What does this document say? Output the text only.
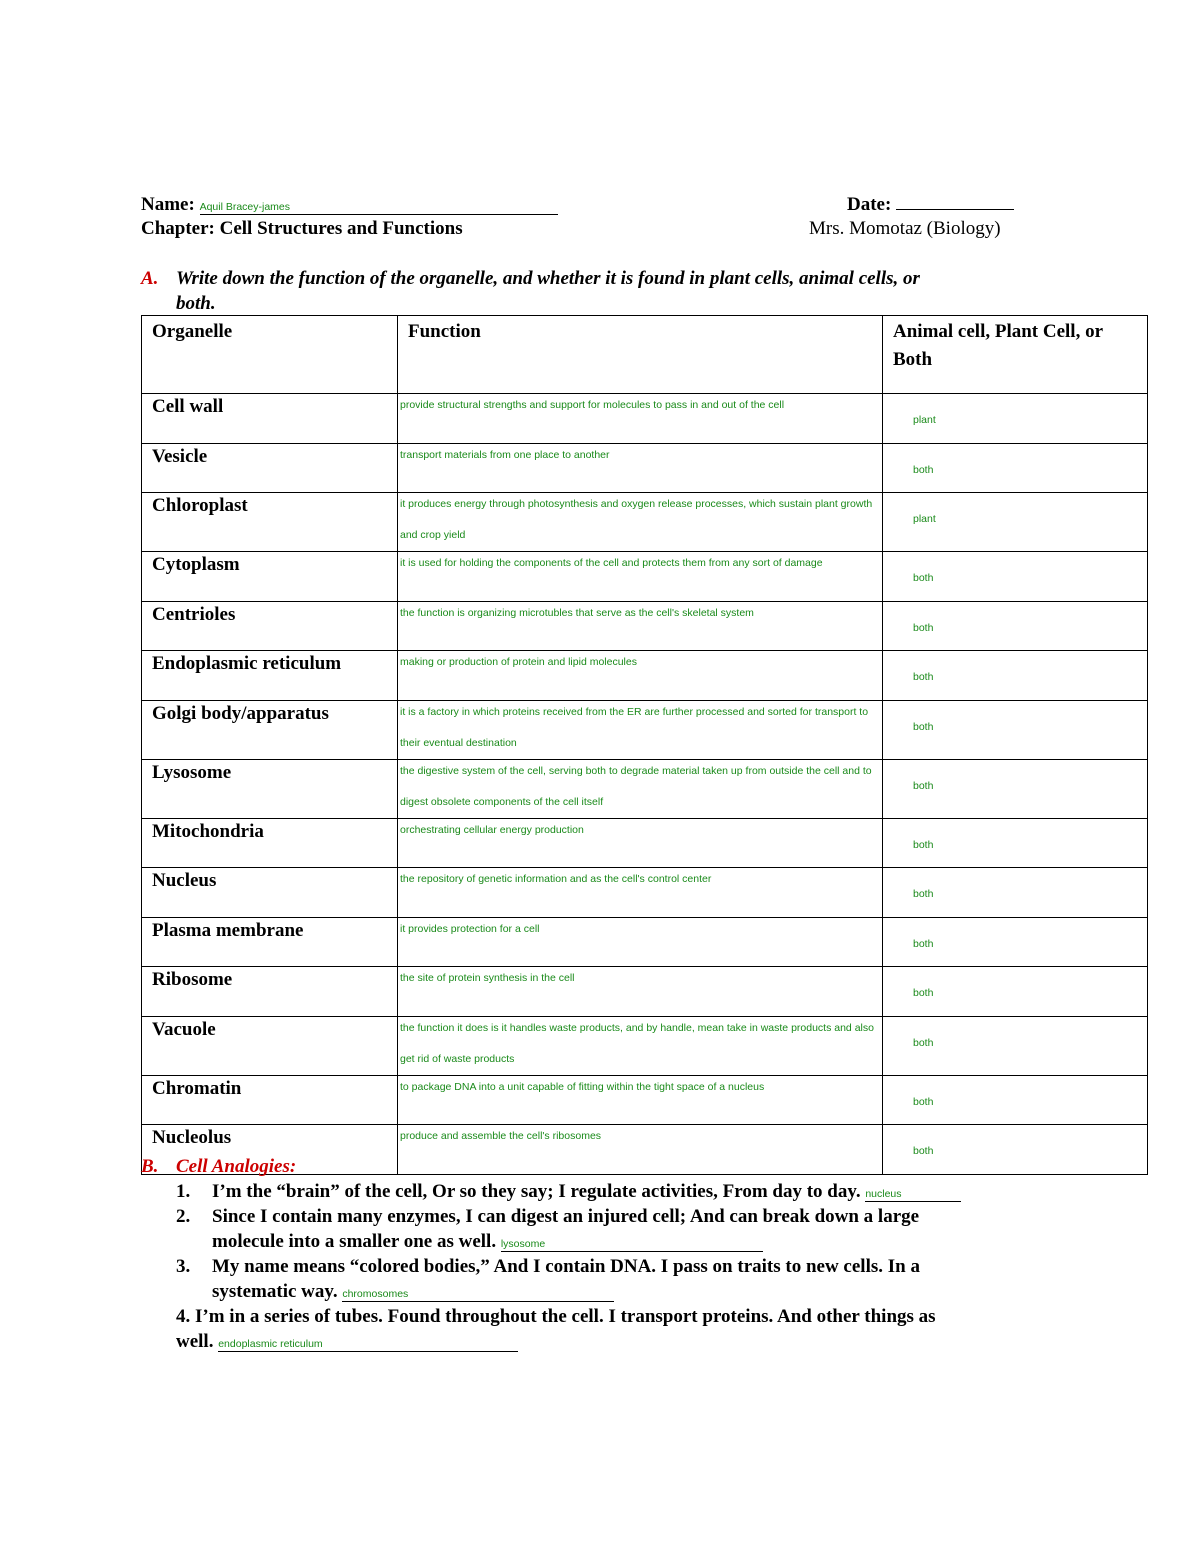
Name: Aquil Bracey-james	Date:
Chapter: Cell Structures and Functions	Mrs. Momotaz (Biology)
A. Write down the function of the organelle, and whether it is found in plant cells, animal cells, or
both.
Organelle	Function	Animal cell, Plant Cell, or Both
Cell wall	provide structural strengths and support for molecules to pass in and out of the cell	plant

Vesicle	transport materials from one place to another	both

Chloroplast	it produces energy through photosynthesis and oxygen release processes, which sustain plant growth and crop yield	plant

Cytoplasm	it is used for holding the components of the cell and protects them from any sort of damage	both

Centrioles	the function is organizing microtubles that serve as the cell's skeletal system	both

Endoplasmic reticulum	making or production of protein and lipid molecules	both

Golgi body/apparatus	it is a factory in which proteins received from the ER are further processed and sorted for transport to their eventual destination	both

Lysosome	the digestive system of the cell, serving both to degrade material taken up from outside the cell and to digest obsolete components of the cell itself	both

Mitochondria	orchestrating cellular energy production	both

Nucleus	the repository of genetic information and as the cell's control center	both

Plasma membrane	it provides protection for a cell	both

Ribosome	the site of protein synthesis in the cell	both

Vacuole	the function it does is it handles waste products, and by handle, mean take in waste products and also get rid of waste products	both

Chromatin	to package DNA into a unit capable of fitting within the tight space of a nucleus	both

Nucleolus	produce and assemble the cell's ribosomes	both
B. Cell Analogies:
1. I’m the “brain” of the cell, Or so they say; I regulate activities, From day to day. nucleus
2. Since I contain many enzymes, I can digest an injured cell; And can break down a large
molecule into a smaller one as well. lysosome
3. My name means “colored bodies,” And I contain DNA. I pass on traits to new cells. In a
systematic way. chromosomes
4. I’m in a series of tubes. Found throughout the cell. I transport proteins. And other things as
well. endoplasmic reticulum
